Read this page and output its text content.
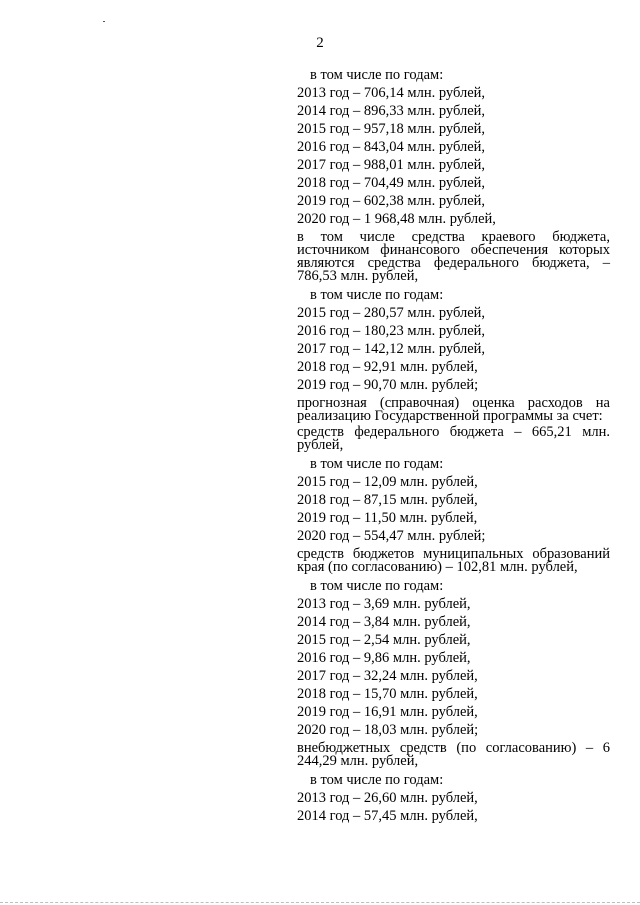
2
в том числе по годам:
2013 год – 706,14 млн. рублей,
2014 год – 896,33 млн. рублей,
2015 год – 957,18 млн. рублей,
2016 год – 843,04 млн. рублей,
2017 год – 988,01 млн. рублей,
2018 год – 704,49 млн. рублей,
2019 год – 602,38 млн. рублей,
2020 год – 1 968,48 млн. рублей,
в том числе средства краевого бюджета, источником финансового обеспечения которых являются средства федерального бюджета, – 786,53 млн. рублей,
в том числе по годам:
2015 год – 280,57 млн. рублей,
2016 год – 180,23 млн. рублей,
2017 год – 142,12 млн. рублей,
2018 год – 92,91 млн. рублей,
2019 год – 90,70 млн. рублей;
прогнозная (справочная) оценка расходов на реализацию Государственной программы за счет:
средств федерального бюджета – 665,21 млн. рублей,
в том числе по годам:
2015 год – 12,09 млн. рублей,
2018 год – 87,15 млн. рублей,
2019 год – 11,50 млн. рублей,
2020 год – 554,47 млн. рублей;
средств бюджетов муниципальных образований края (по согласованию) – 102,81 млн. рублей,
в том числе по годам:
2013 год – 3,69 млн. рублей,
2014 год – 3,84 млн. рублей,
2015 год – 2,54 млн. рублей,
2016 год – 9,86 млн. рублей,
2017 год – 32,24 млн. рублей,
2018 год – 15,70 млн. рублей,
2019 год – 16,91 млн. рублей,
2020 год – 18,03 млн. рублей;
внебюджетных средств (по согласованию) – 6 244,29 млн. рублей,
в том числе по годам:
2013 год – 26,60 млн. рублей,
2014 год – 57,45 млн. рублей,
